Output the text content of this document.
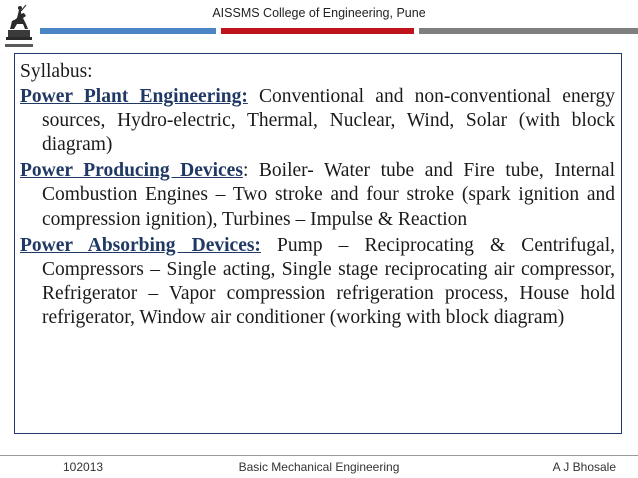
AISSMS College of Engineering, Pune

Syllabus:

Power Plant Engineering: Conventional and non-conventional energy sources, Hydro-electric, Thermal, Nuclear, Wind, Solar (with block diagram)

Power Producing Devices: Boiler- Water tube and Fire tube, Internal Combustion Engines – Two stroke and four stroke (spark ignition and compression ignition), Turbines – Impulse & Reaction

Power Absorbing Devices: Pump – Reciprocating & Centrifugal, Compressors – Single acting, Single stage reciprocating air compressor, Refrigerator – Vapor compression refrigeration process, House hold refrigerator, Window air conditioner (working with block diagram)

102013	Basic Mechanical Engineering	A J Bhosale
